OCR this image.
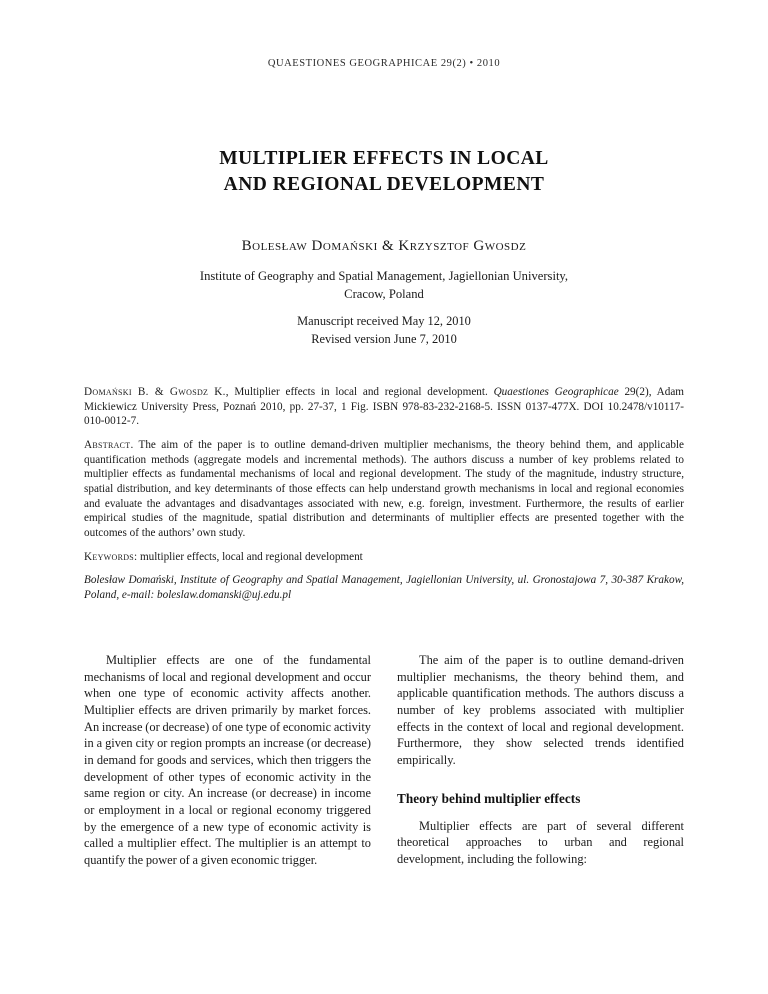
QUAESTIONES GEOGRAPHICAE 29(2) • 2010
MULTIPLIER EFFECTS IN LOCAL
AND REGIONAL DEVELOPMENT
Bolesław Domański & Krzysztof Gwosdz
Institute of Geography and Spatial Management, Jagiellonian University,
Cracow, Poland
Manuscript received May 12, 2010
Revised version June 7, 2010

Domański B. & Gwosdz K., Multiplier effects in local and regional development. Quaestiones Geographicae 29(2), Adam Mickiewicz University Press, Poznań 2010, pp. 27-37, 1 Fig. ISBN 978-83-232-2168-5. ISSN 0137-477X. DOI 10.2478/v10117-010-0012-7.

Abstract. The aim of the paper is to outline demand-driven multiplier mechanisms, the theory behind them, and applicable quantification methods (aggregate models and incremental methods). The authors discuss a number of key problems related to multiplier effects as fundamental mechanisms of local and regional development. The study of the magnitude, industry structure, spatial distribution, and key determinants of those effects can help understand growth mechanisms in local and regional economies and evaluate the advantages and disadvantages associated with new, e.g. foreign, investment. Furthermore, the results of earlier empirical studies of the magnitude, spatial distribution and determinants of multiplier effects are presented together with the outcomes of the authors’ own study.

Keywords: multiplier effects, local and regional development

Bolesław Domański, Institute of Geography and Spatial Management, Jagiellonian University, ul. Gronostajowa 7, 30-387 Krakow, Poland, e-mail: boleslaw.domanski@uj.edu.pl

Multiplier effects are one of the fundamental mechanisms of local and regional development and occur when one type of economic activity affects another. Multiplier effects are driven primarily by market forces. An increase (or decrease) of one type of economic activity in a given city or region prompts an increase (or decrease) in demand for goods and services, which then triggers the development of other types of economic activity in the same region or city. An increase (or decrease) in income or employment in a local or regional economy triggered by the emergence of a new type of economic activity is called a multiplier effect. The multiplier is an attempt to quantify the power of a given economic trigger.

The aim of the paper is to outline demand-driven multiplier mechanisms, the theory behind them, and applicable quantification methods. The authors discuss a number of key problems associated with multiplier effects in the context of local and regional development. Furthermore, they show selected trends identified empirically.

Theory behind multiplier effects

Multiplier effects are part of several different theoretical approaches to urban and regional development, including the following:
